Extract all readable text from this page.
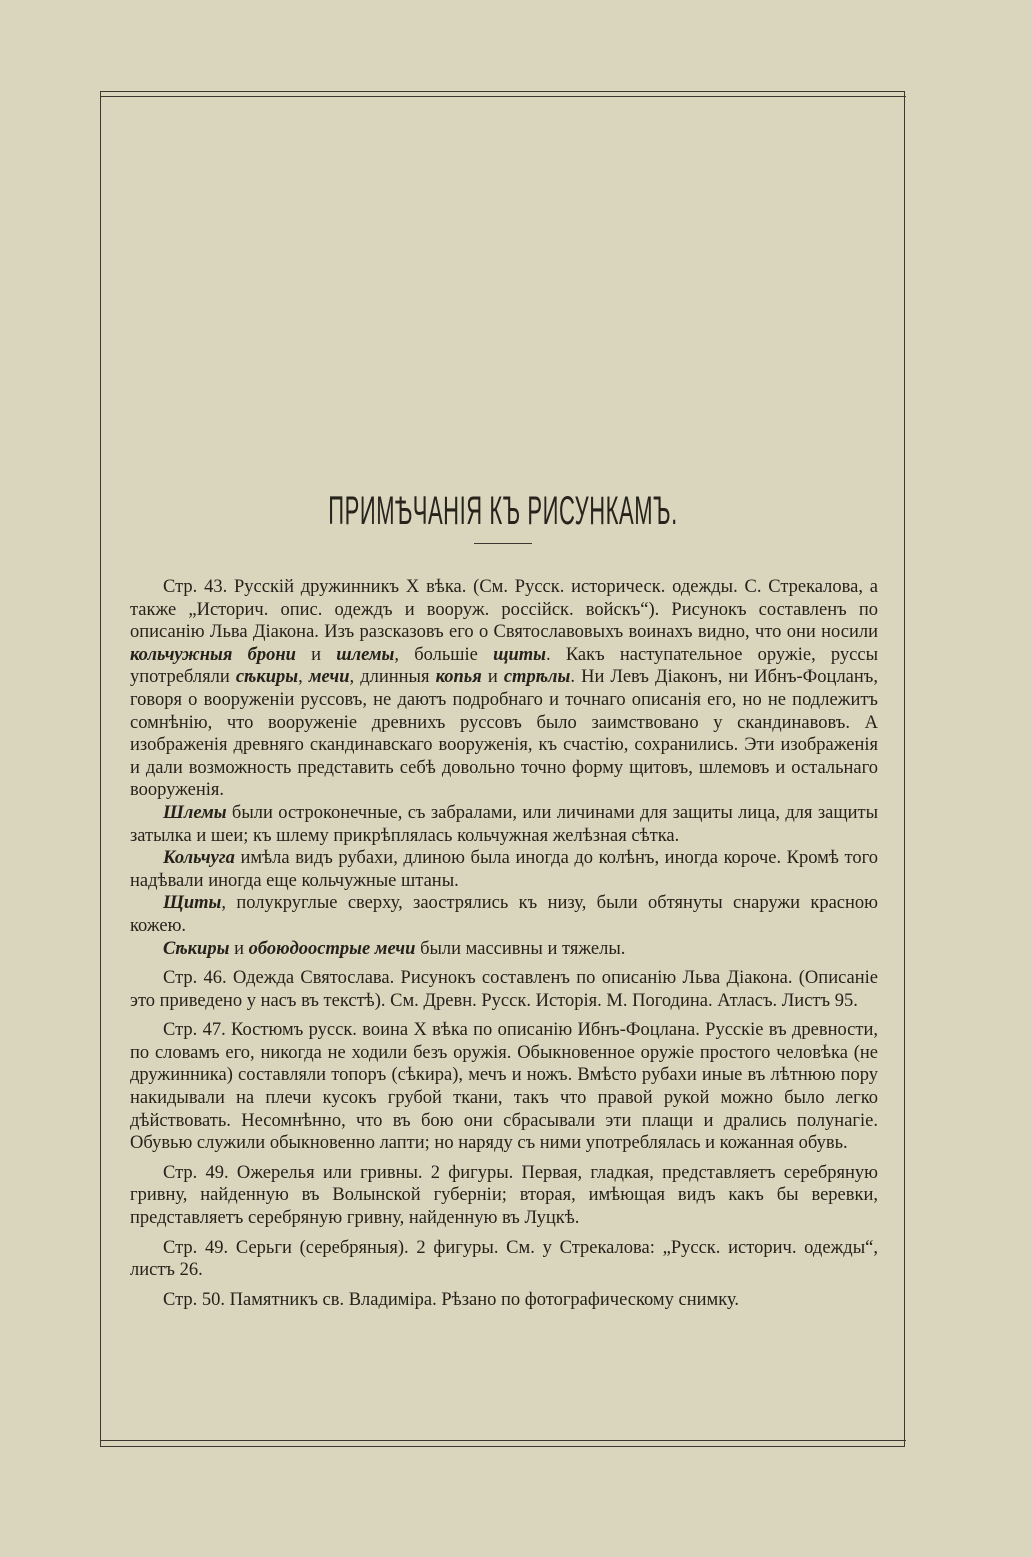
ПРИМѢЧАНІЯ КЪ РИСУНКАМЪ.

Стр. 43. Русскій дружинникъ X вѣка. (См. Русск. историческ. одежды. С. Стрекалова, а также „Историч. опис. одеждъ и вооруж. россійск. войскъ“). Рисунокъ составленъ по описанію Льва Діакона. Изъ разсказовъ его о Святославовыхъ воинахъ видно, что они носили кольчужныя брони и шлемы, большіе щиты. Какъ наступательное оружіе, руссы употребляли сѣкиры, мечи, длинныя копья и стрѣлы. Ни Левъ Діаконъ, ни Ибнъ-Фоцланъ, говоря о вооруженіи руссовъ, не даютъ подробнаго и точнаго описанія его, но не подлежитъ сомнѣнію, что вооруженіе древнихъ руссовъ было заимствовано у скандинавовъ. А изображенія древняго скандинавскаго вооруженія, къ счастію, сохранились. Эти изображенія и дали возможность представить себѣ довольно точно форму щитовъ, шлемовъ и остальнаго вооруженія.

Шлемы были остроконечные, съ забралами, или личинами для защиты лица, для защиты затылка и шеи; къ шлему прикрѣплялась кольчужная желѣзная сѣтка.

Кольчуга имѣла видъ рубахи, длиною была иногда до колѣнъ, иногда короче. Кромѣ того надѣвали иногда еще кольчужные штаны.

Щиты, полукруглые сверху, заострялись къ низу, были обтянуты снаружи красною кожею.

Сѣкиры и обоюдоострые мечи были массивны и тяжелы.

Стр. 46. Одежда Святослава. Рисунокъ составленъ по описанію Льва Діакона. (Описаніе это приведено у насъ въ текстѣ). См. Древн. Русск. Исторія. М. Погодина. Атласъ. Листъ 95.

Стр. 47. Костюмъ русск. воина X вѣка по описанію Ибнъ-Фоцлана. Русскіе въ древности, по словамъ его, никогда не ходили безъ оружія. Обыкновенное оружіе простого человѣка (не дружинника) составляли топоръ (сѣкира), мечъ и ножъ. Вмѣсто рубахи иные въ лѣтнюю пору накидывали на плечи кусокъ грубой ткани, такъ что правой рукой можно было легко дѣйствовать. Несомнѣнно, что въ бою они сбрасывали эти плащи и дрались полунагіе. Обувью служили обыкновенно лапти; но наряду съ ними употреблялась и кожанная обувь.

Стр. 49. Ожерелья или гривны. 2 фигуры. Первая, гладкая, представляетъ серебряную гривну, найденную въ Волынской губерніи; вторая, имѣющая видъ какъ бы веревки, представляетъ серебряную гривну, найденную въ Луцкѣ.

Стр. 49. Серьги (серебряныя). 2 фигуры. См. у Стрекалова: „Русск. историч. одежды“, листъ 26.

Стр. 50. Памятникъ св. Владиміра. Рѣзано по фотографическому снимку.
